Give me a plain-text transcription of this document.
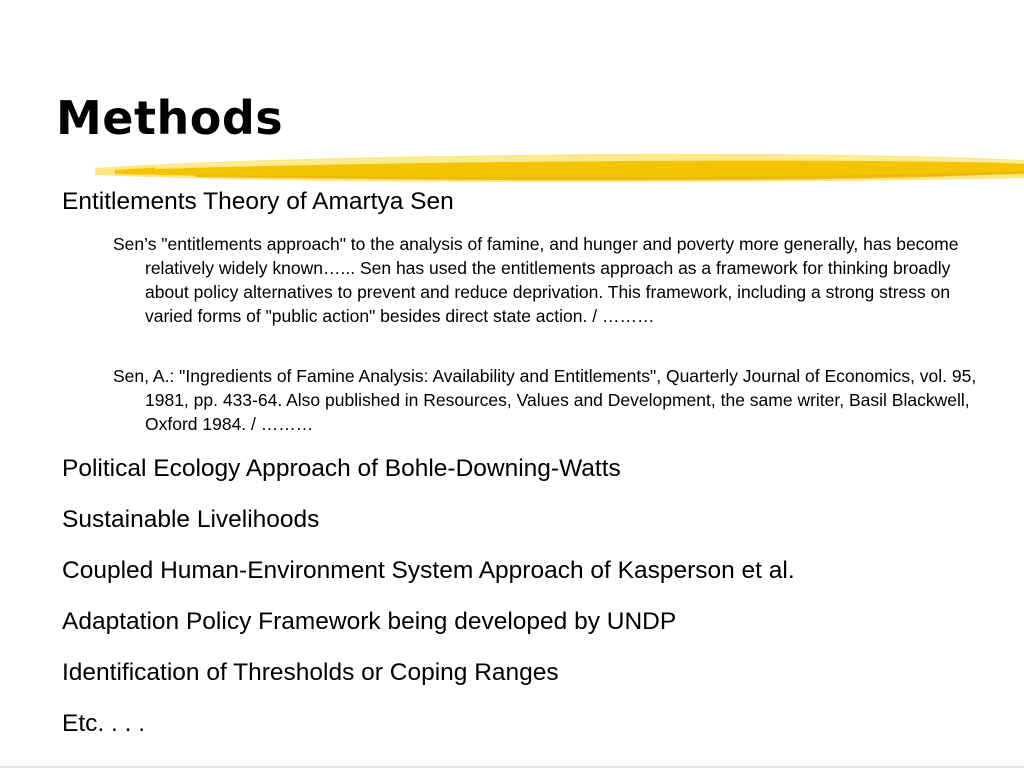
Methods
Entitlements Theory of Amartya Sen
Sen’s "entitlements approach" to the analysis of famine, and hunger and poverty more generally, has become relatively widely known…... Sen has used the entitlements approach as a framework for thinking broadly about policy alternatives to prevent and reduce deprivation. This framework, including a strong stress on varied forms of "public action" besides direct state action. / ………
Sen, A.: "Ingredients of Famine Analysis: Availability and Entitlements", Quarterly Journal of Economics, vol. 95, 1981, pp. 433-64. Also published in Resources, Values and Development, the same writer, Basil Blackwell, Oxford 1984. / ………
Political Ecology Approach of Bohle-Downing-Watts
Sustainable Livelihoods
Coupled Human-Environment System Approach of Kasperson et al.
Adaptation Policy Framework being developed by UNDP
Identification of Thresholds or Coping Ranges
Etc. . . .
